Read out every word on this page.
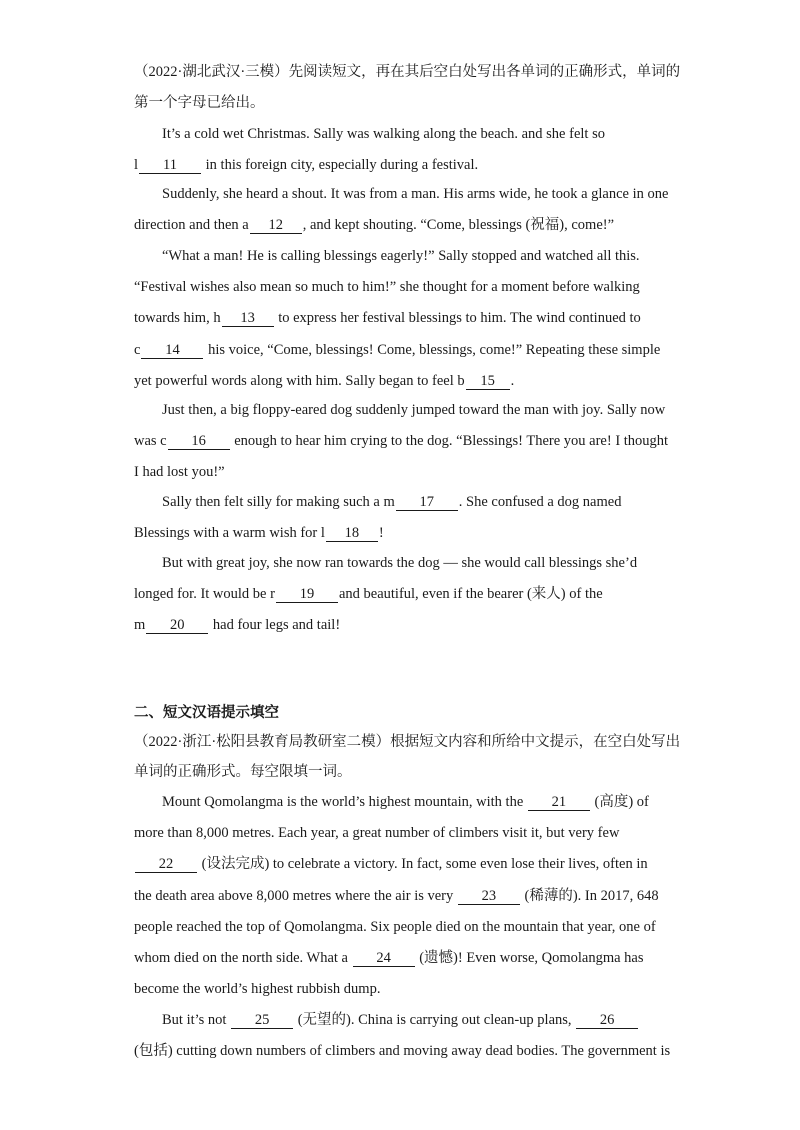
（2022·湖北武汉·三模）先阅读短文，再在其后空白处写出各单词的正确形式，单词的
第一个字母已给出。
It’s a cold wet Christmas. Sally was walking along the beach. and she felt so
l 11 in this foreign city, especially during a festival.
Suddenly, she heard a shout. It was from a man. His arms wide, he took a glance in one
direction and then a 12 , and kept shouting. “Come, blessings (祝福), come!”
“What a man! He is calling blessings eagerly!” Sally stopped and watched all this.
“Festival wishes also mean so much to him!” she thought for a moment before walking
towards him, h 13 to express her festival blessings to him. The wind continued to
c 14 his voice, “Come, blessings! Come, blessings, come!” Repeating these simple
yet powerful words along with him. Sally began to feel b 15 .
Just then, a big floppy-eared dog suddenly jumped toward the man with joy. Sally now
was c 16 enough to hear him crying to the dog. “Blessings! There you are! I thought
I had lost you!”
Sally then felt silly for making such a m 17 . She confused a dog named
Blessings with a warm wish for l 18 !
But with great joy, she now ran towards the dog — she would call blessings she’d
longed for. It would be r 19 and beautiful, even if the bearer (来人) of the
m 20 had four legs and tail!
二、短文汉语提示填空
（2022·浙江·松阳县教育局教研室二模）根据短文内容和所给中文提示，在空白处写出
单词的正确形式。每空限填一词。
Mount Qomolangma is the world’s highest mountain, with the 21 (高度) of
more than 8,000 metres. Each year, a great number of climbers visit it, but very few
22 (设法完成) to celebrate a victory. In fact, some even lose their lives, often in
the death area above 8,000 metres where the air is very 23 (稀薄的). In 2017, 648
people reached the top of Qomolangma. Six people died on the mountain that year, one of
whom died on the north side. What a 24 (遗憾)! Even worse, Qomolangma has
become the world’s highest rubbish dump.
But it’s not 25 (无望的). China is carrying out clean-up plans, 26
(包括) cutting down numbers of climbers and moving away dead bodies. The government is
